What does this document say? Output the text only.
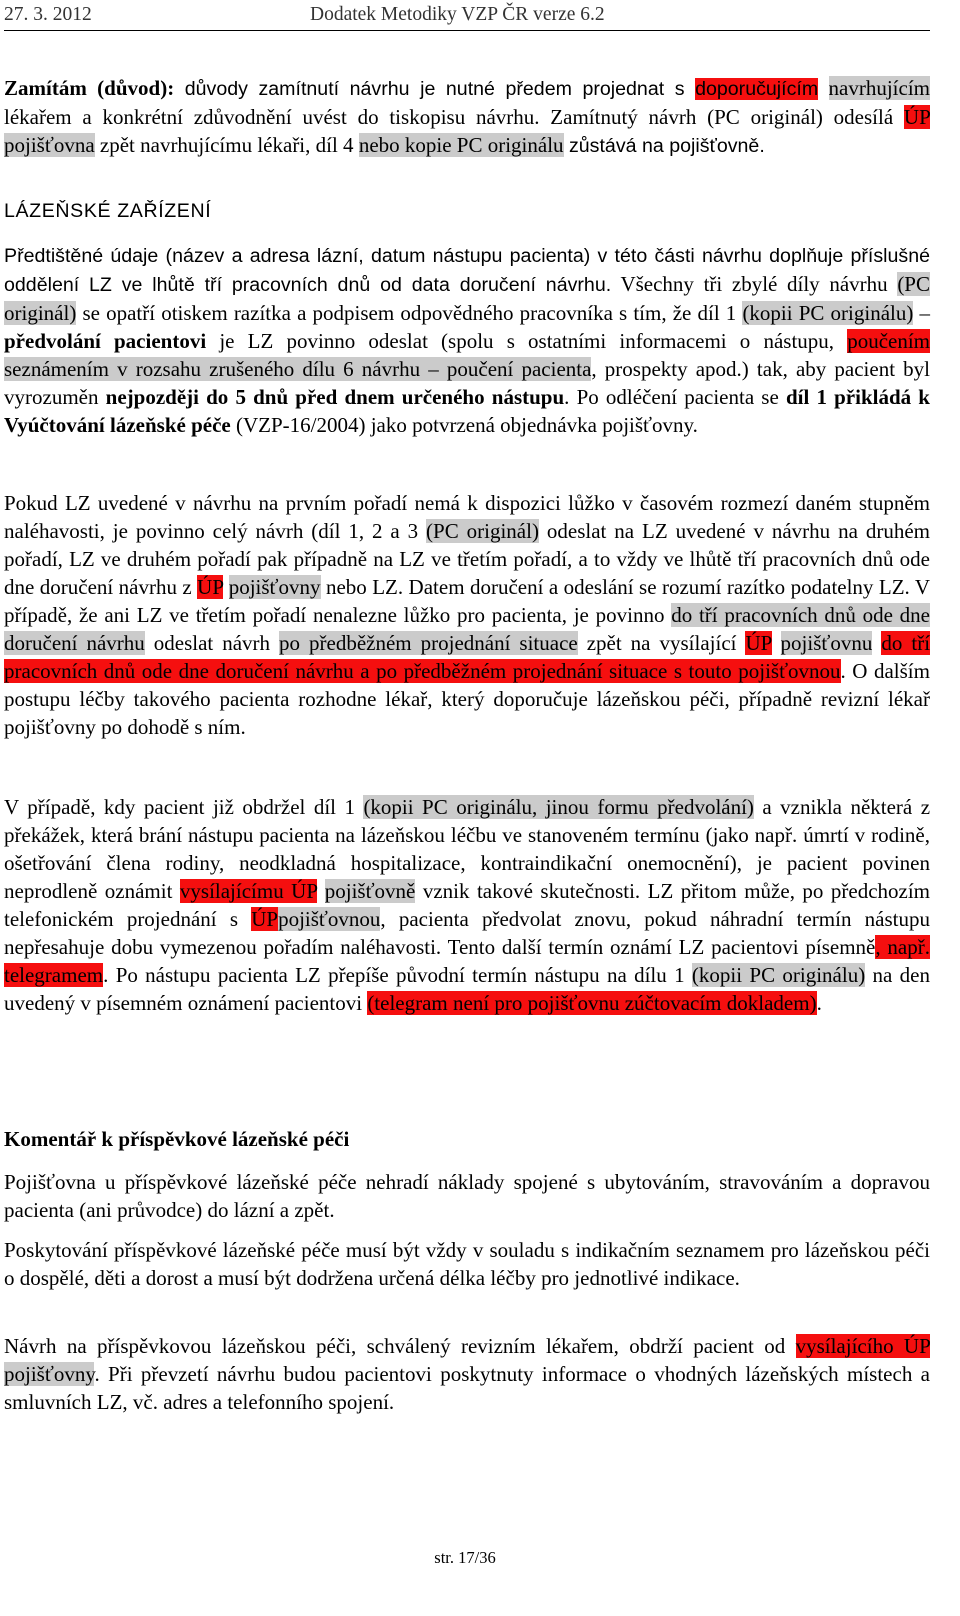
27. 3. 2012	Dodatek Metodiky VZP ČR verze 6.2
Zamítám (důvod): důvody zamítnutí návrhu je nutné předem projednat s doporučujícím navrhujícím lékařem a konkrétní zdůvodnění uvést do tiskopisu návrhu. Zamítnutý návrh (PC originál) odesílá ÚP pojišťovna zpět navrhujícímu lékaři, díl 4 nebo kopie PC originálu zůstává na pojišťovně.
LÁZEŇSKÉ ZAŘÍZENÍ
Předtištěné údaje (název a adresa lázní, datum nástupu pacienta) v této části návrhu doplňuje příslušné oddělení LZ ve lhůtě tří pracovních dnů od data doručení návrhu. Všechny tři zbylé díly návrhu (PC originál) se opatří otiskem razítka a podpisem odpovědného pracovníka s tím, že díl 1 (kopii PC originálu) – předvolání pacientovi je LZ povinno odeslat (spolu s ostatními informacemi o nástupu, poučením seznámením v rozsahu zrušeného dílu 6 návrhu – poučení pacienta, prospekty apod.) tak, aby pacient byl vyrozuměn nejpozději do 5 dnů před dnem určeného nástupu. Po odléčení pacienta se díl 1 přikládá k Vyúčtování lázeňské péče (VZP-16/2004) jako potvrzená objednávka pojišťovny.
Pokud LZ uvedené v návrhu na prvním pořadí nemá k dispozici lůžko v časovém rozmezí daném stupněm naléhavosti, je povinno celý návrh (díl 1, 2 a 3 (PC originál) odeslat na LZ uvedené v návrhu na druhém pořadí, LZ ve druhém pořadí pak případně na LZ ve třetím pořadí, a to vždy ve lhůtě tří pracovních dnů ode dne doručení návrhu z ÚP pojišťovny nebo LZ. Datem doručení a odeslání se rozumí razítko podatelny LZ. V případě, že ani LZ ve třetím pořadí nenalezne lůžko pro pacienta, je povinno do tří pracovních dnů ode dne doručení návrhu odeslat návrh po předběžném projednání situace zpět na vysílající ÚP pojišťovnu do tří pracovních dnů ode dne doručení návrhu a po předběžném projednání situace s touto pojišťovnou. O dalším postupu léčby takového pacienta rozhodne lékař, který doporučuje lázeňskou péči, případně revizní lékař pojišťovny po dohodě s ním.
V případě, kdy pacient již obdržel díl 1 (kopii PC originálu, jinou formu předvolání) a vznikla některá z překážek, která brání nástupu pacienta na lázeňskou léčbu ve stanoveném termínu (jako např. úmrtí v rodině, ošetřování člena rodiny, neodkladná hospitalizace, kontraindikační onemocnění), je pacient povinen neprodleně oznámit vysílajícímu ÚP pojišťovně vznik takové skutečnosti. LZ přitom může, po předchozím telefonickém projednání s ÚPpojišťovnou, pacienta předvolat znovu, pokud náhradní termín nástupu nepřesahuje dobu vymezenou pořadím naléhavosti. Tento další termín oznámí LZ pacientovi písemně, např. telegramem. Po nástupu pacienta LZ přepíše původní termín nástupu na dílu 1 (kopii PC originálu) na den uvedený v písemném oznámení pacientovi (telegram není pro pojišťovnu zúčtovacím dokladem).
Komentář k příspěvkové lázeňské péči
Pojišťovna u příspěvkové lázeňské péče nehradí náklady spojené s ubytováním, stravováním a dopravou pacienta (ani průvodce) do lázní a zpět.
Poskytování příspěvkové lázeňské péče musí být vždy v souladu s indikačním seznamem pro lázeňskou péči o dospělé, děti a dorost a musí být dodržena určená délka léčby pro jednotlivé indikace.
Návrh na příspěvkovou lázeňskou péči, schválený revizním lékařem, obdrží pacient od vysílajícího ÚP pojišťovny. Při převzetí návrhu budou pacientovi poskytnuty informace o vhodných lázeňských místech a smluvních LZ, vč. adres a telefonního spojení.
str. 17/36
